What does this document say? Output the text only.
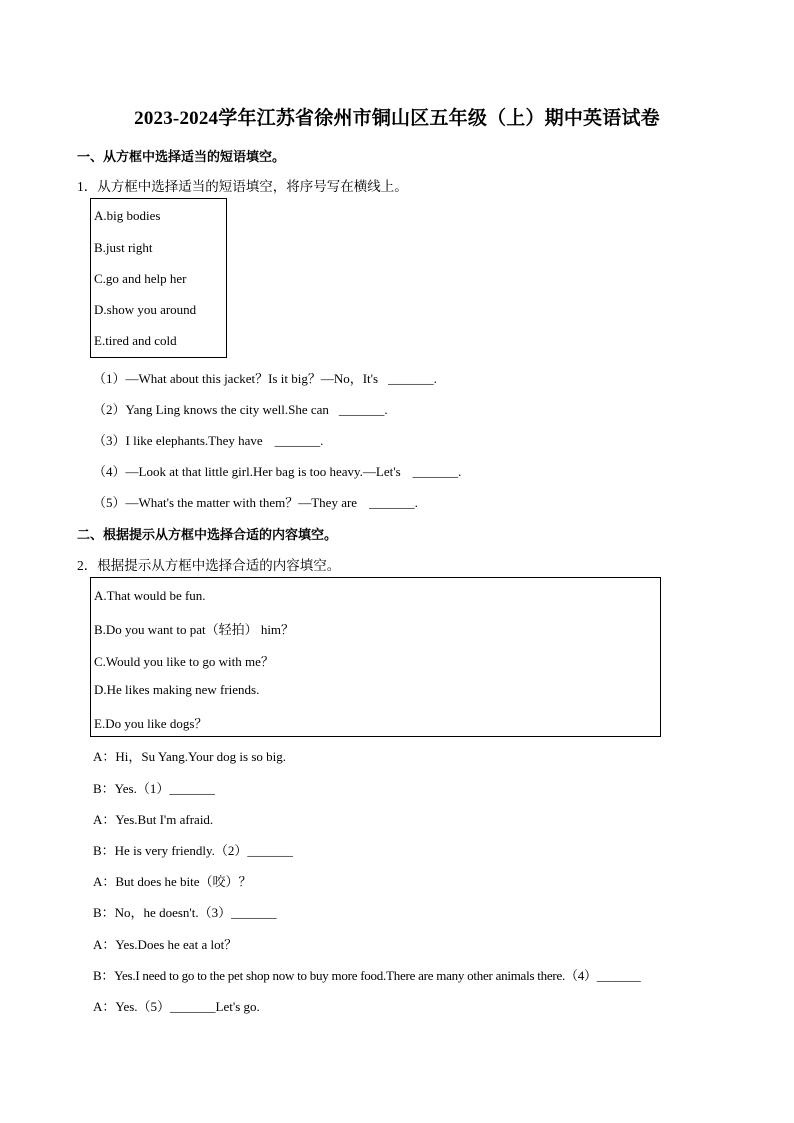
2023-2024学年江苏省徐州市铜山区五年级（上）期中英语试卷
一、从方框中选择适当的短语填空。
1．从方框中选择适当的短语填空，将序号写在横线上。
A.big bodies
B.just right
C.go and help her
D.show you around
E.tired and cold
（1）—What about this jacket？Is it big？—No，It's _______.
（2）Yang Ling knows the city well.She can _______.
（3）I like elephants.They have _______.
（4）—Look at that little girl.Her bag is too heavy.—Let's _______.
（5）—What's the matter with them？—They are _______.
二、根据提示从方框中选择合适的内容填空。
2．根据提示从方框中选择合适的内容填空。
A.That would be fun.
B.Do you want to pat（轻拍） him？
C.Would you like to go with me？
D.He likes making new friends.
E.Do you like dogs？
A：Hi，Su Yang.Your dog is so big.
B：Yes.（1）_______
A：Yes.But I'm afraid.
B：He is very friendly.（2）_______
A：But does he bite（咬）？
B：No，he doesn't.（3）_______
A：Yes.Does he eat a lot？
B：Yes.I need to go to the pet shop now to buy more food.There are many other animals there.（4）_______
A：Yes.（5）_______Let's go.
